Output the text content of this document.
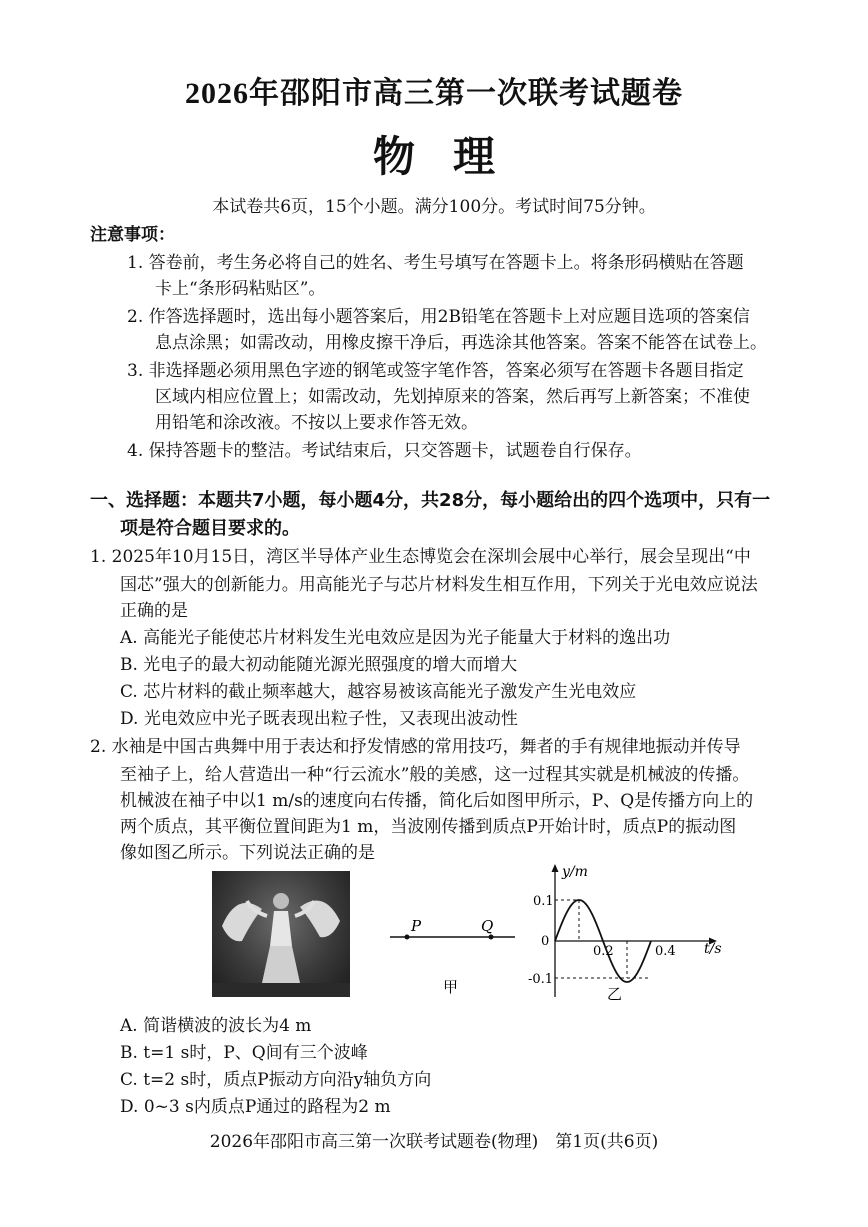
2026年邵阳市高三第一次联考试题卷
物理
本试卷共6页，15个小题。满分100分。考试时间75分钟。
注意事项：
1. 答卷前，考生务必将自己的姓名、考生号填写在答题卡上。将条形码横贴在答题
卡上“条形码粘贴区”。
2. 作答选择题时，选出每小题答案后，用2B铅笔在答题卡上对应题目选项的答案信
息点涂黑；如需改动，用橡皮擦干净后，再选涂其他答案。答案不能答在试卷上。
3. 非选择题必须用黑色字迹的钢笔或签字笔作答，答案必须写在答题卡各题目指定
区域内相应位置上；如需改动，先划掉原来的答案，然后再写上新答案；不准使
用铅笔和涂改液。不按以上要求作答无效。
4. 保持答题卡的整洁。考试结束后，只交答题卡，试题卷自行保存。
一、选择题：本题共7小题，每小题4分，共28分，每小题给出的四个选项中，只有一
项是符合题目要求的。
1. 2025年10月15日，湾区半导体产业生态博览会在深圳会展中心举行，展会呈现出“中
国芯”强大的创新能力。用高能光子与芯片材料发生相互作用，下列关于光电效应说法
正确的是
A. 高能光子能使芯片材料发生光电效应是因为光子能量大于材料的逸出功
B. 光电子的最大初动能随光源光照强度的增大而增大
C. 芯片材料的截止频率越大，越容易被该高能光子激发产生光电效应
D. 光电效应中光子既表现出粒子性，又表现出波动性
2. 水袖是中国古典舞中用于表达和抒发情感的常用技巧，舞者的手有规律地振动并传导
至袖子上，给人营造出一种“行云流水”般的美感，这一过程其实就是机械波的传播。
机械波在袖子中以1 m/s的速度向右传播，简化后如图甲所示，P、Q是传播方向上的
两个质点，其平衡位置间距为1 m，当波刚传播到质点P开始计时，质点P的振动图
像如图乙所示。下列说法正确的是
P	Q
甲
y/m
t/s
0.1
0
-0.1
0.2	0.4
乙
A. 简谐横波的波长为4 m
B. t=1 s时，P、Q间有三个波峰
C. t=2 s时，质点P振动方向沿y轴负方向
D. 0~3 s内质点P通过的路程为2 m
2026年邵阳市高三第一次联考试题卷(物理)　第1页(共6页)
